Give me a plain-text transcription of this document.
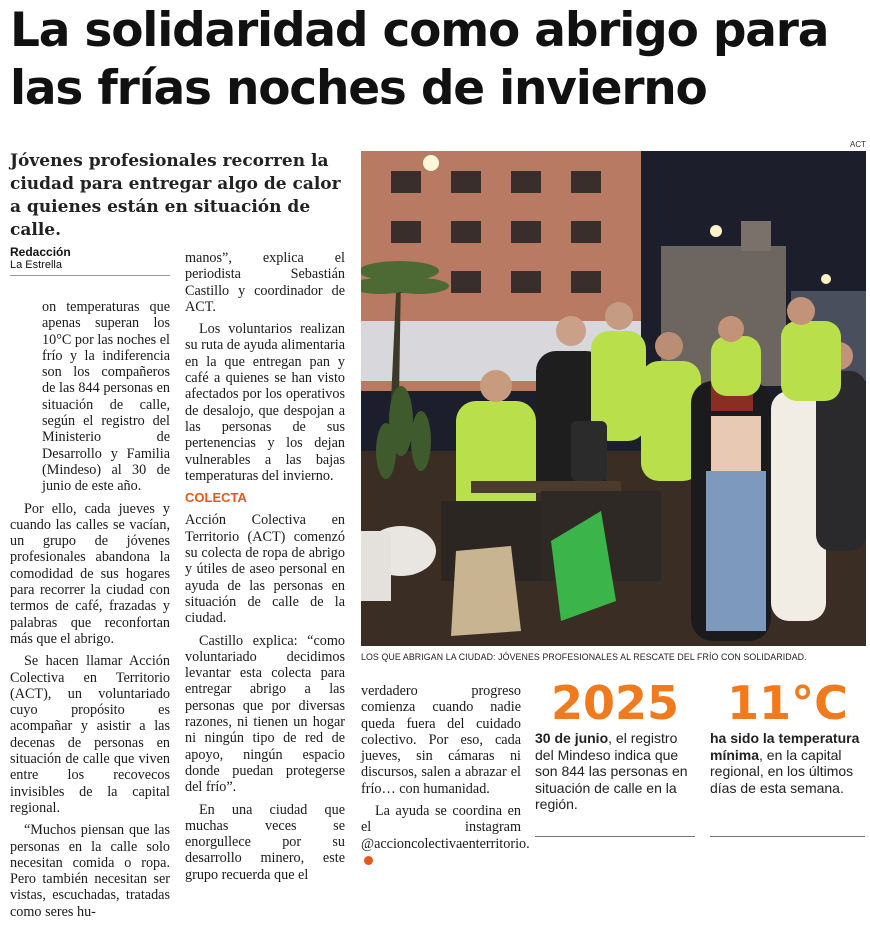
La solidaridad como abrigo para las frías noches de invierno
Jóvenes profesionales recorren la ciudad para entregar algo de calor a quienes están en situación de calle.
Redacción
La Estrella

on temperaturas que apenas superan los 10°C por las noches el frío y la indiferencia son los compañeros de las 844 personas en situación de calle, según el registro del Ministerio de Desarrollo y Familia (Mindeso) al 30 de junio de este año.

Por ello, cada jueves y cuando las calles se vacían, un grupo de jóvenes profesionales abandona la comodidad de sus hogares para recorrer la ciudad con termos de café, frazadas y palabras que reconfortan más que el abrigo.

Se hacen llamar Acción Colectiva en Territorio (ACT), un voluntariado cuyo propósito es acompañar y asistir a las decenas de personas en situación de calle que viven entre los recovecos invisibles de la capital regional.

“Muchos piensan que las personas en la calle solo necesitan comida o ropa. Pero también necesitan ser vistas, escuchadas, tratadas como seres hu-

manos”, explica el periodista Sebastián Castillo y coordinador de ACT.

Los voluntarios realizan su ruta de ayuda alimentaria en la que entregan pan y café a quienes se han visto afectados por los operativos de desalojo, que despojan a las personas de sus pertenencias y los dejan vulnerables a las bajas temperaturas del invierno.

COLECTA

Acción Colectiva en Territorio (ACT) comenzó su colecta de ropa de abrigo y útiles de aseo personal en ayuda de las personas en situación de calle de la ciudad.

Castillo explica: “como voluntariado decidimos levantar esta colecta para entregar abrigo a las personas que por diversas razones, ni tienen un hogar ni ningún tipo de red de apoyo, ningún espacio donde puedan protegerse del frío”.

En una ciudad que muchas veces se enorgullece por su desarrollo minero, este grupo recuerda que el

ACT
LOS QUE ABRIGAN LA CIUDAD: JÓVENES PROFESIONALES AL RESCATE DEL FRÍO CON SOLIDARIDAD.

verdadero progreso comienza cuando nadie queda fuera del cuidado colectivo. Por eso, cada jueves, sin cámaras ni discursos, salen a abrazar el frío… con humanidad.

La ayuda se coordina en el instagram @accioncolectivaenterritorio.

2025
30 de junio, el registro del Mindeso indica que son 844 las personas en situación de calle en la región.
11°C
ha sido la temperatura mínima, en la capital regional, en los últimos días de esta semana.
